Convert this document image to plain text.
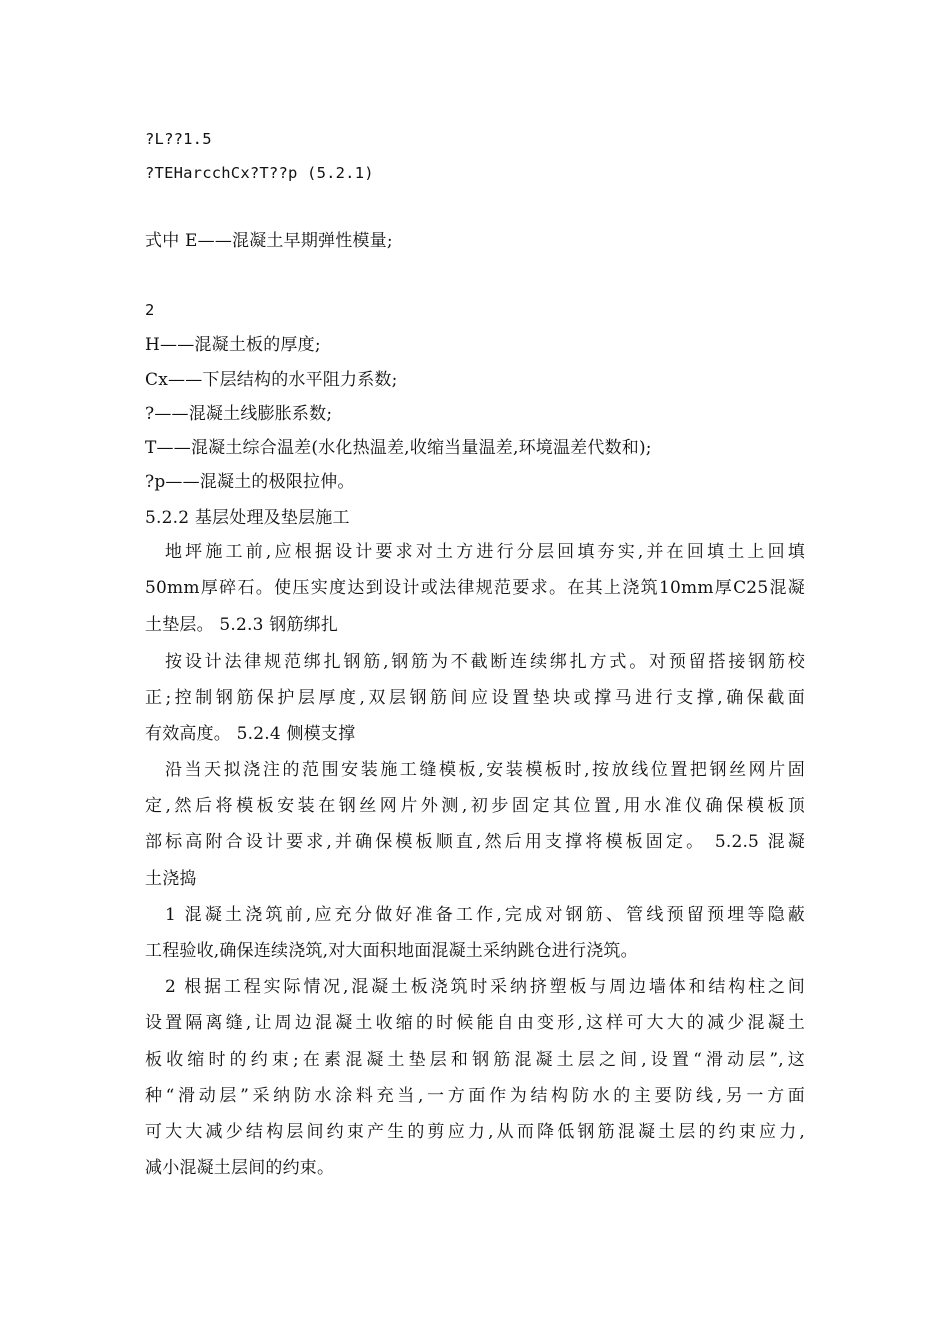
?L??1.5
?TEHarcchCx?T??p (5.2.1)
式中 E——混凝土早期弹性模量;
2
H——混凝土板的厚度;
Cx——下层结构的水平阻力系数;
?——混凝土线膨胀系数;
T——混凝土综合温差(水化热温差,收缩当量温差,环境温差代数和);
?p——混凝土的极限拉伸。
5.2.2 基层处理及垫层施工
地坪施工前,应根据设计要求对土方进行分层回填夯实,并在回填土上回填
50mm厚碎石。使压实度达到设计或法律规范要求。在其上浇筑10mm厚C25混凝
土垫层。 5.2.3 钢筋绑扎
按设计法律规范绑扎钢筋,钢筋为不截断连续绑扎方式。对预留搭接钢筋校
正;控制钢筋保护层厚度,双层钢筋间应设置垫块或撑马进行支撑,确保截面
有效高度。 5.2.4 侧模支撑
沿当天拟浇注的范围安装施工缝模板,安装模板时,按放线位置把钢丝网片固
定,然后将模板安装在钢丝网片外测,初步固定其位置,用水准仪确保模板顶
部标高附合设计要求,并确保模板顺直,然后用支撑将模板固定。 5.2.5 混凝
土浇捣
1 混凝土浇筑前,应充分做好准备工作,完成对钢筋、管线预留预埋等隐蔽
工程验收,确保连续浇筑,对大面积地面混凝土采纳跳仓进行浇筑。
2 根据工程实际情况,混凝土板浇筑时采纳挤塑板与周边墙体和结构柱之间
设置隔离缝,让周边混凝土收缩的时候能自由变形,这样可大大的减少混凝土
板收缩时的约束;在素混凝土垫层和钢筋混凝土层之间,设置“滑动层”,这
种“滑动层”采纳防水涂料充当,一方面作为结构防水的主要防线,另一方面
可大大减少结构层间约束产生的剪应力,从而降低钢筋混凝土层的约束应力,
减小混凝土层间的约束。
